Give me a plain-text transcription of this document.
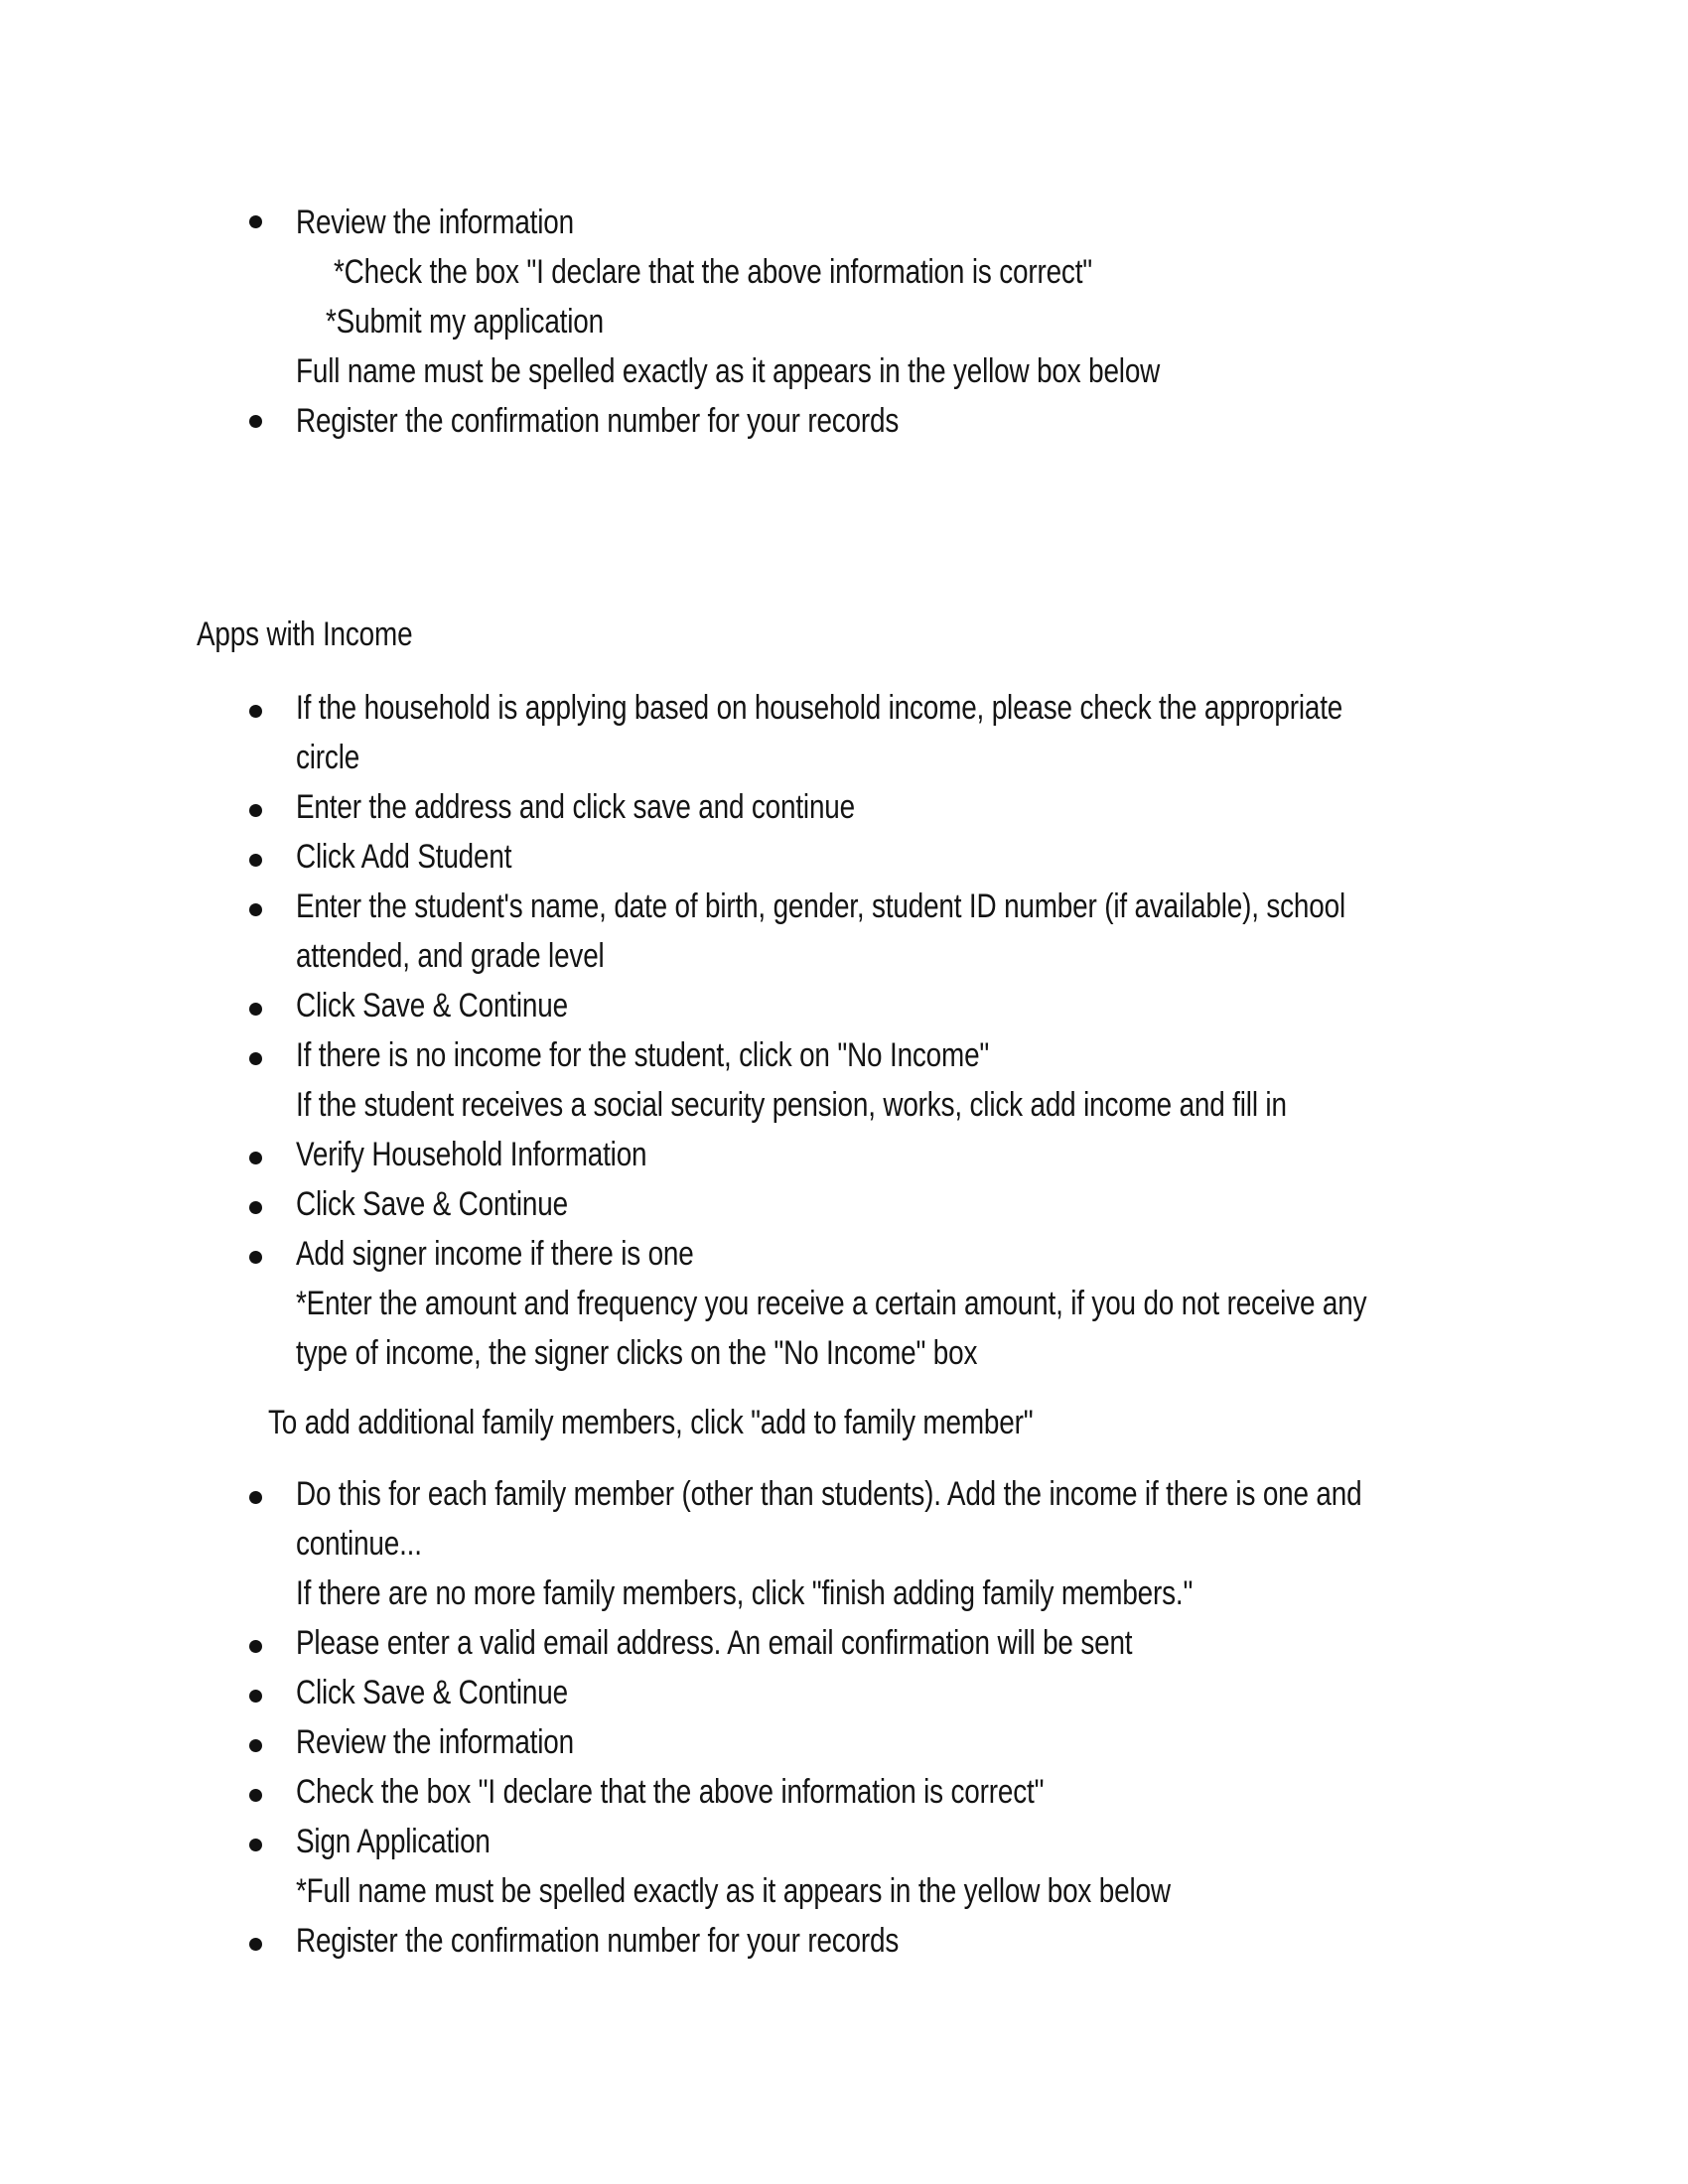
Review the information
*Check the box "I declare that the above information is correct"
*Submit my application
Full name must be spelled exactly as it appears in the yellow box below
Register the confirmation number for your records
Apps with Income
If the household is applying based on household income, please check the appropriate
circle
Enter the address and click save and continue
Click Add Student
Enter the student's name, date of birth, gender, student ID number (if available), school
attended, and grade level
Click Save & Continue
If there is no income for the student, click on "No Income"
If the student receives a social security pension, works, click add income and fill in
Verify Household Information
Click Save & Continue
Add signer income if there is one
*Enter the amount and frequency you receive a certain amount, if you do not receive any
type of income, the signer clicks on the "No Income" box
To add additional family members, click "add to family member"
Do this for each family member (other than students). Add the income if there is one and
continue...
If there are no more family members, click "finish adding family members."
Please enter a valid email address. An email confirmation will be sent
Click Save & Continue
Review the information
Check the box "I declare that the above information is correct"
Sign Application
*Full name must be spelled exactly as it appears in the yellow box below
Register the confirmation number for your records
